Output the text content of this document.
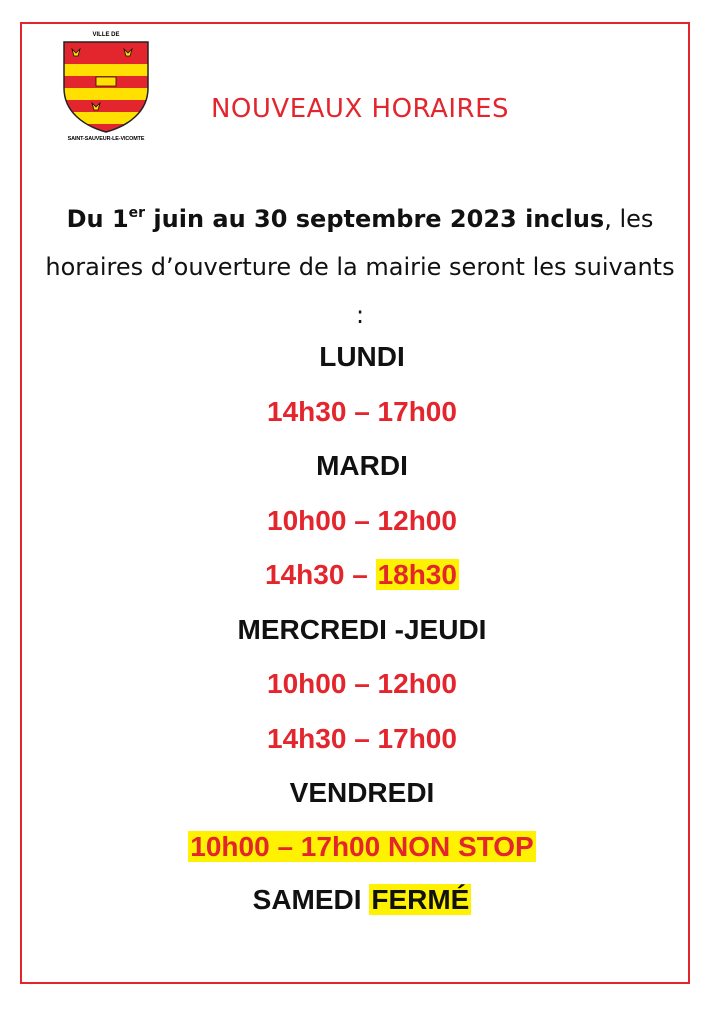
VILLE DE
SAINT-SAUVEUR-LE-VICOMTE
NOUVEAUX HORAIRES
Du 1er juin au 30 septembre 2023 inclus, les horaires d’ouverture de la mairie seront les suivants :
LUNDI
14h30 – 17h00
MARDI
10h00 – 12h00
14h30 – 18h30
MERCREDI -JEUDI
10h00 – 12h00
14h30 – 17h00
VENDREDI
10h00 – 17h00 NON STOP
SAMEDI FERMÉ
